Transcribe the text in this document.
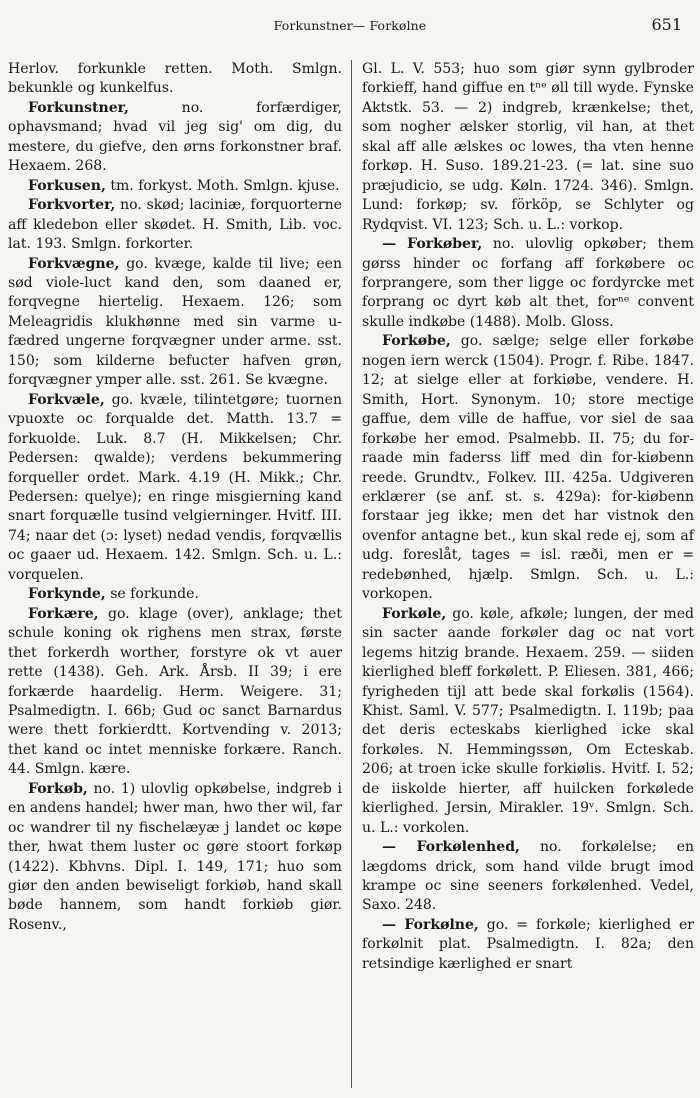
Forkunstner— Forkølne	651

Herlov. forkunkle retten. Moth. Smlgn. bekunkle og kunkelfus.

Forkunstner, no. forfærdiger, ophavsmand; hvad vil jeg sig' om dig, du mestere, du giefve, den ørns forkonstner braf. Hexaem. 268.

Forkusen, tm. forkyst. Moth. Smlgn. kjuse.

Forkvorter, no. skød; laciniæ, forquorterne aff kledebon eller skødet. H. Smith, Lib. voc. lat. 193. Smlgn. forkorter.

Forkvægne, go. kvæge, kalde til live; een sød viole-luct kand den, som daaned er, forqvegne hiertelig. Hexaem. 126; som Meleagridis klukhønne med sin varme u-fædred ungerne forqvægner under arme. sst. 150; som kilderne befucter hafven grøn, forqvægner ymper alle. sst. 261. Se kvægne.

Forkvæle, go. kvæle, tilintetgøre; tuornen vpuoxte oc forqualde det. Matth. 13.7 = forkuolde. Luk. 8.7 (H. Mikkelsen; Chr. Pedersen: qwalde); verdens bekummering forqueller ordet. Mark. 4.19 (H. Mikk.; Chr. Pedersen: quelye); en ringe misgierning kand snart forquælle tusind velgierninger. Hvitf. III. 74; naar det (ɔ: lyset) nedad vendis, forqvællis oc gaaer ud. Hexaem. 142. Smlgn. Sch. u. L.: vorquelen.

Forkynde, se forkunde.

Forkære, go. klage (over), anklage; thet schule koning ok righens men strax, første thet forkerdh worther, forstyre ok vt auer rette (1438). Geh. Ark. Årsb. II 39; i ere forkærde haardelig. Herm. Weigere. 31; Psalmedigtn. I. 66b; Gud oc sanct Barnardus were thett forkierdtt. Kortvending v. 2013; thet kand oc intet menniske forkære. Ranch. 44. Smlgn. kære.

Forkøb, no. 1) ulovlig opkøbelse, indgreb i en andens handel; hwer man, hwo ther wil, far oc wandrer til ny fischelæyæ j landet oc køpe ther, hwat them luster oc gøre stoort forkøp (1422). Kbhvns. Dipl. I. 149, 171; huo som giør den anden bewiseligt forkiøb, hand skall bøde hannem, som handt forkiøb giør. Rosenv.,

Gl. L. V. 553; huo som giør synn gylbroder forkieff, hand giffue en tⁿᵉ øll till wyde. Fynske Aktstk. 53. — 2) indgreb, krænkelse; thet, som nogher ælsker storlig, vil han, at thet skal aff alle ælskes oc lowes, tha vten henne forkøp. H. Suso. 189.21-23. (= lat. sine suo præjudicio, se udg. Køln. 1724. 346). Smlgn. Lund: forkøp; sv. förköp, se Schlyter og Rydqvist. VI. 123; Sch. u. L.: vorkop.

— Forkøber, no. ulovlig opkøber; them gørss hinder oc forfang aff forkøbere oc forprangere, som ther ligge oc fordyrcke met forprang oc dyrt køb alt thet, forⁿᵉ convent skulle indkøbe (1488). Molb. Gloss.

Forkøbe, go. sælge; selge eller forkøbe nogen iern werck (1504). Progr. f. Ribe. 1847. 12; at sielge eller at forkiøbe, vendere. H. Smith, Hort. Synonym. 10; store mectige gaffue, dem ville de haffue, vor siel de saa forkøbe her emod. Psalmebb. II. 75; du for-raade min faderss liff med din for-kiøbenn reede. Grundtv., Folkev. III. 425a. Udgiveren erklærer (se anf. st. s. 429a): for-kiøbenn forstaar jeg ikke; men det har vistnok den ovenfor antagne bet., kun skal rede ej, som af udg. foreslåt, tages = isl. ræði, men er = redebønhed, hjælp. Smlgn. Sch. u. L.: vorkopen.

Forkøle, go. køle, afkøle; lungen, der med sin sacter aande forkøler dag oc nat vort legems hitzig brande. Hexaem. 259. — siiden kierlighed bleff forkølett. P. Eliesen. 381, 466; fyrigheden tijl att bede skal forkølis (1564). Khist. Saml. V. 577; Psalmedigtn. I. 119b; paa det deris ecteskabs kierlighed icke skal forkøles. N. Hemmingssøn, Om Ecteskab. 206; at troen icke skulle forkiølis. Hvitf. I. 52; de iiskolde hierter, aff huilcken forkølede kierlighed. Jersin, Mirakler. 19ᵛ. Smlgn. Sch. u. L.: vorkolen.

— Forkølenhed, no. forkølelse; en lægdoms drick, som hand vilde brugt imod krampe oc sine seeners forkølenhed. Vedel, Saxo. 248.

— Forkølne, go. = forkøle; kierlighed er forkølnit plat. Psalmedigtn. I. 82a; den retsindige kærlighed er snart
